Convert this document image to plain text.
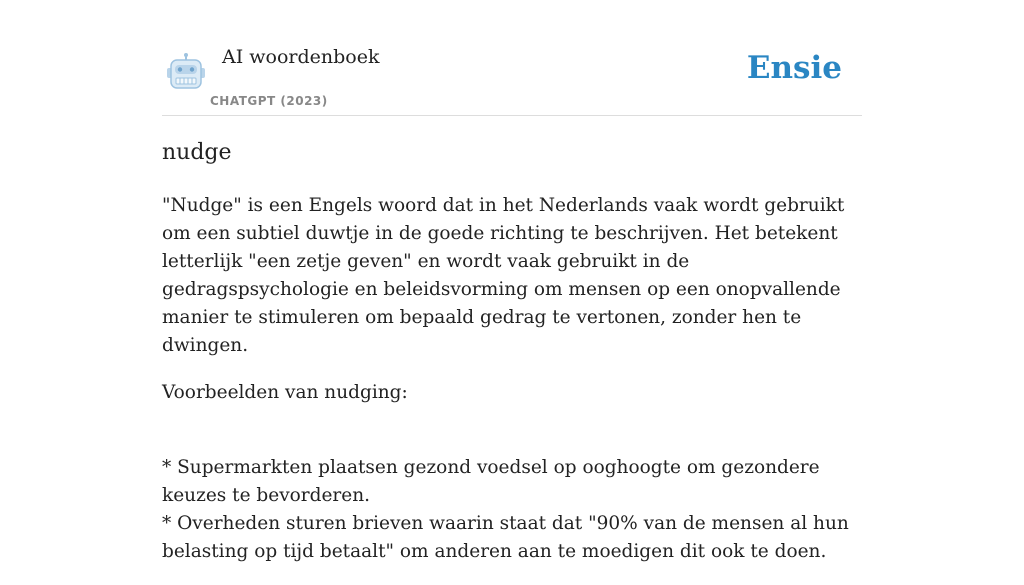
AI woordenboek
CHATGPT (2023)
Ensie
nudge

"Nudge" is een Engels woord dat in het Nederlands vaak wordt gebruikt om een subtiel duwtje in de goede richting te beschrijven. Het betekent letterlijk "een zetje geven" en wordt vaak gebruikt in de gedragspsychologie en beleidsvorming om mensen op een onopvallende manier te stimuleren om bepaald gedrag te vertonen, zonder hen te dwingen.

Voorbeelden van nudging:

* Supermarkten plaatsen gezond voedsel op ooghoogte om gezondere keuzes te bevorderen.
* Overheden sturen brieven waarin staat dat "90% van de mensen al hun belasting op tijd betaalt" om anderen aan te moedigen dit ook te doen.
